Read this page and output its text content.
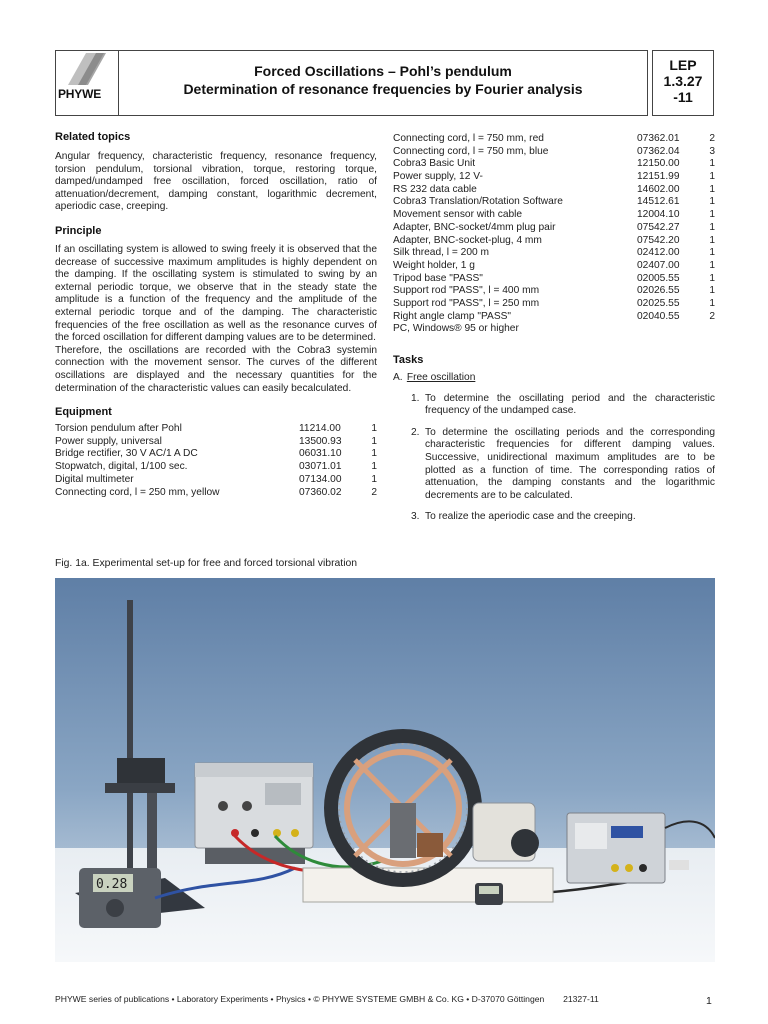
PHYWE
Forced Oscillations – Pohl’s pendulum
Determination of resonance frequencies by Fourier analysis
LEP
1.3.27
-11
Related topics

Angular frequency, characteristic frequency, resonance frequency, torsion pendulum, torsional vibration, torque, restoring torque, damped/undamped free oscillation, forced oscillation, ratio of attenuation/decrement, damping constant, logarithmic decrement, aperiodic case, creeping.

Principle

If an oscillating system is allowed to swing freely it is observed that the decrease of successive maximum amplitudes is highly dependent on the damping. If the oscillating system is stimulated to swing by an external periodic torque, we observe that in the steady state the amplitude is a function of the frequency and the amplitude of the external periodic torque and of the damping. The characteristic frequencies of the free oscillation as well as the resonance curves of the forced oscillation for different damping values are to be determined.

Therefore, the oscillations are recorded with the Cobra3 systemin connection with the movement sensor. The curves of the different oscillations are displayed and the necessary quantities for the determination of the characteristic values can easily becalculated.

Equipment
Torsion pendulum after Pohl	11214.00	1
Power supply, universal	13500.93	1
Bridge rectifier, 30 V AC/1 A DC	06031.10	1
Stopwatch, digital, 1/100 sec.	03071.01	1
Digital multimeter	07134.00	1
Connecting cord, l = 250 mm, yellow	07360.02	2
Connecting cord, l = 750 mm, red	07362.01	2
Connecting cord, l = 750 mm, blue	07362.04	3
Cobra3 Basic Unit	12150.00	1
Power supply, 12 V-	12151.99	1
RS 232 data cable	14602.00	1
Cobra3 Translation/Rotation Software	14512.61	1
Movement sensor with cable	12004.10	1
Adapter, BNC-socket/4mm plug pair	07542.27	1
Adapter, BNC-socket-plug, 4 mm	07542.20	1
Silk thread, l = 200 m	02412.00	1
Weight holder, 1 g	02407.00	1
Tripod base "PASS"	02005.55	1
Support rod "PASS", l = 400 mm	02026.55	1
Support rod "PASS", l = 250 mm	02025.55	1
Right angle clamp "PASS"	02040.55	2
PC, Windows® 95 or higher
Tasks
A. Free oscillation
1. To determine the oscillating period and the characteristic frequency of the undamped case.
2. To determine the oscillating periods and the corresponding characteristic frequencies for different damping values. Successive, unidirectional maximum amplitudes are to be plotted as a function of time. The corresponding ratios of attenuation, the damping constants and the logarithmic decrements are to be calculated.
3. To realize the aperiodic case and the creeping.
Fig. 1a. Experimental set-up for free and forced torsional vibration
0.28
PHYWE series of publications • Laboratory Experiments • Physics • © PHYWE SYSTEME GMBH & Co. KG • D-37070 Göttingen 21327-11	1
